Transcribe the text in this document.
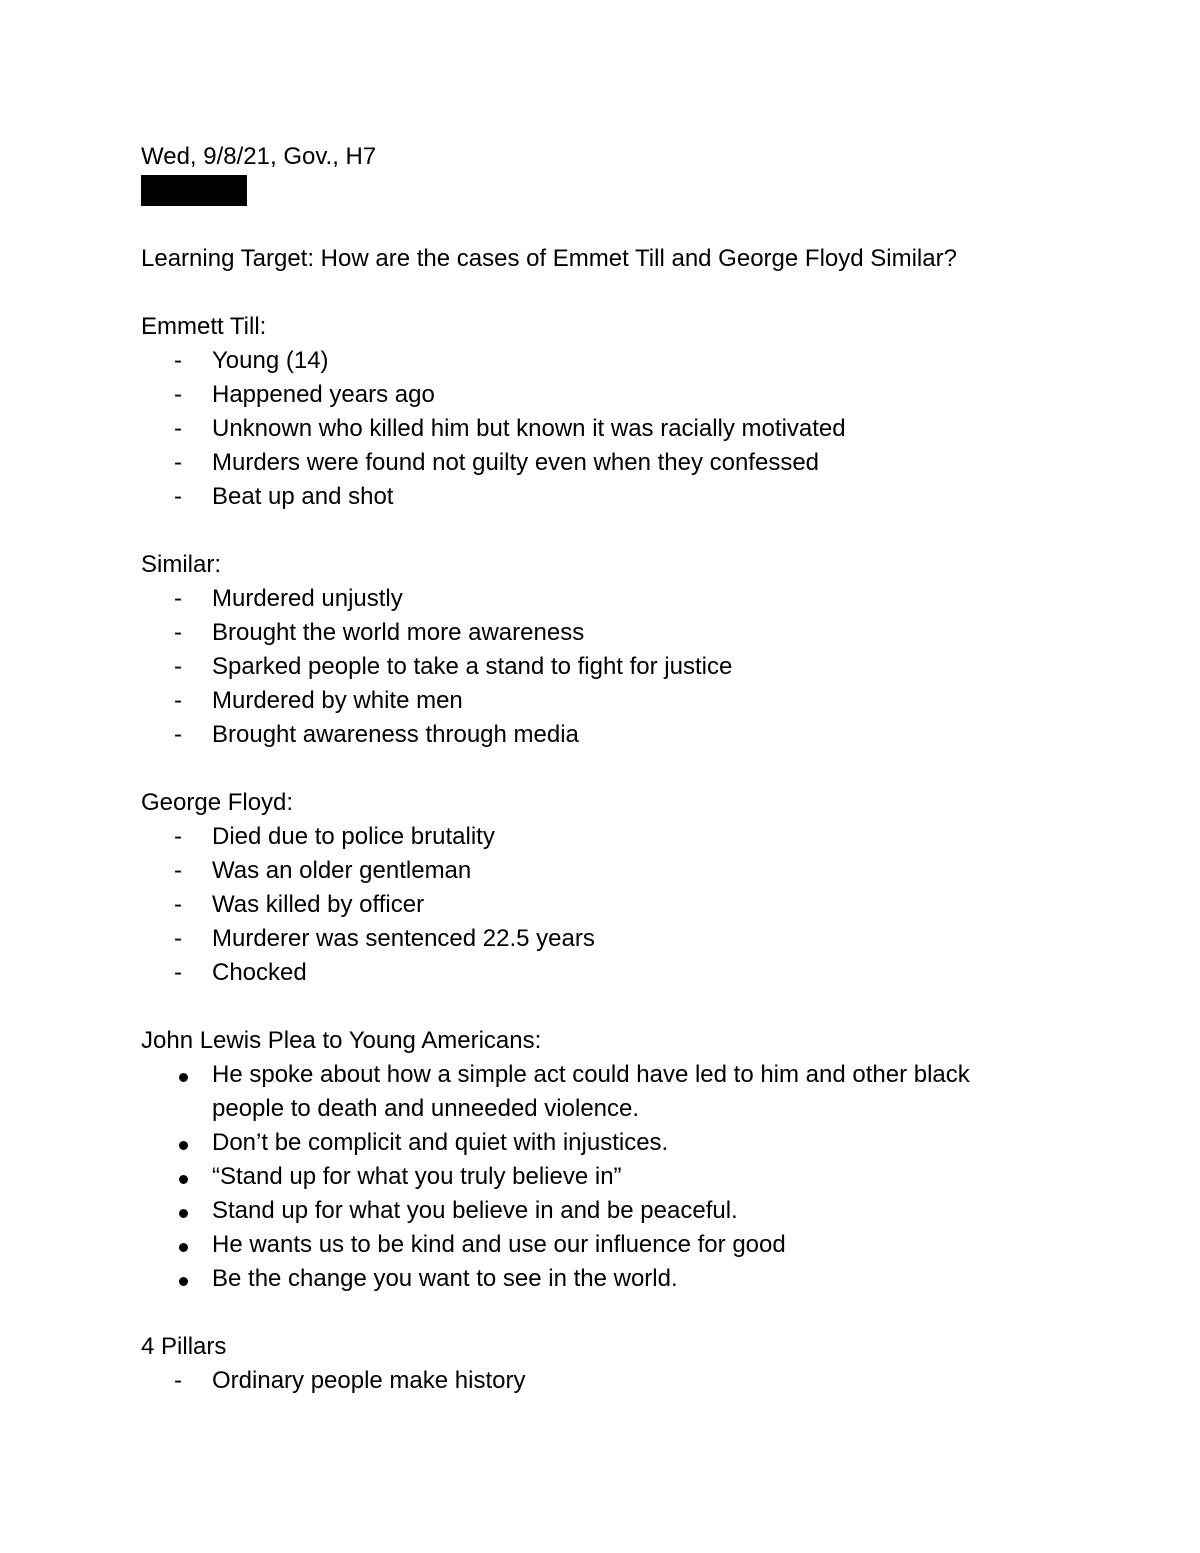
Wed, 9/8/21, Gov., H7
Learning Target: How are the cases of Emmet Till and George Floyd Similar?
Emmett Till:
- Young (14)
- Happened years ago
- Unknown who killed him but known it was racially motivated
- Murders were found not guilty even when they confessed
- Beat up and shot
Similar:
- Murdered unjustly
- Brought the world more awareness
- Sparked people to take a stand to fight for justice
- Murdered by white men
- Brought awareness through media
George Floyd:
- Died due to police brutality
- Was an older gentleman
- Was killed by officer
- Murderer was sentenced 22.5 years
- Chocked
John Lewis Plea to Young Americans:
He spoke about how a simple act could have led to him and other black people to death and unneeded violence.
Don’t be complicit and quiet with injustices.
“Stand up for what you truly believe in”
Stand up for what you believe in and be peaceful.
He wants us to be kind and use our influence for good
Be the change you want to see in the world.
4 Pillars
- Ordinary people make history
